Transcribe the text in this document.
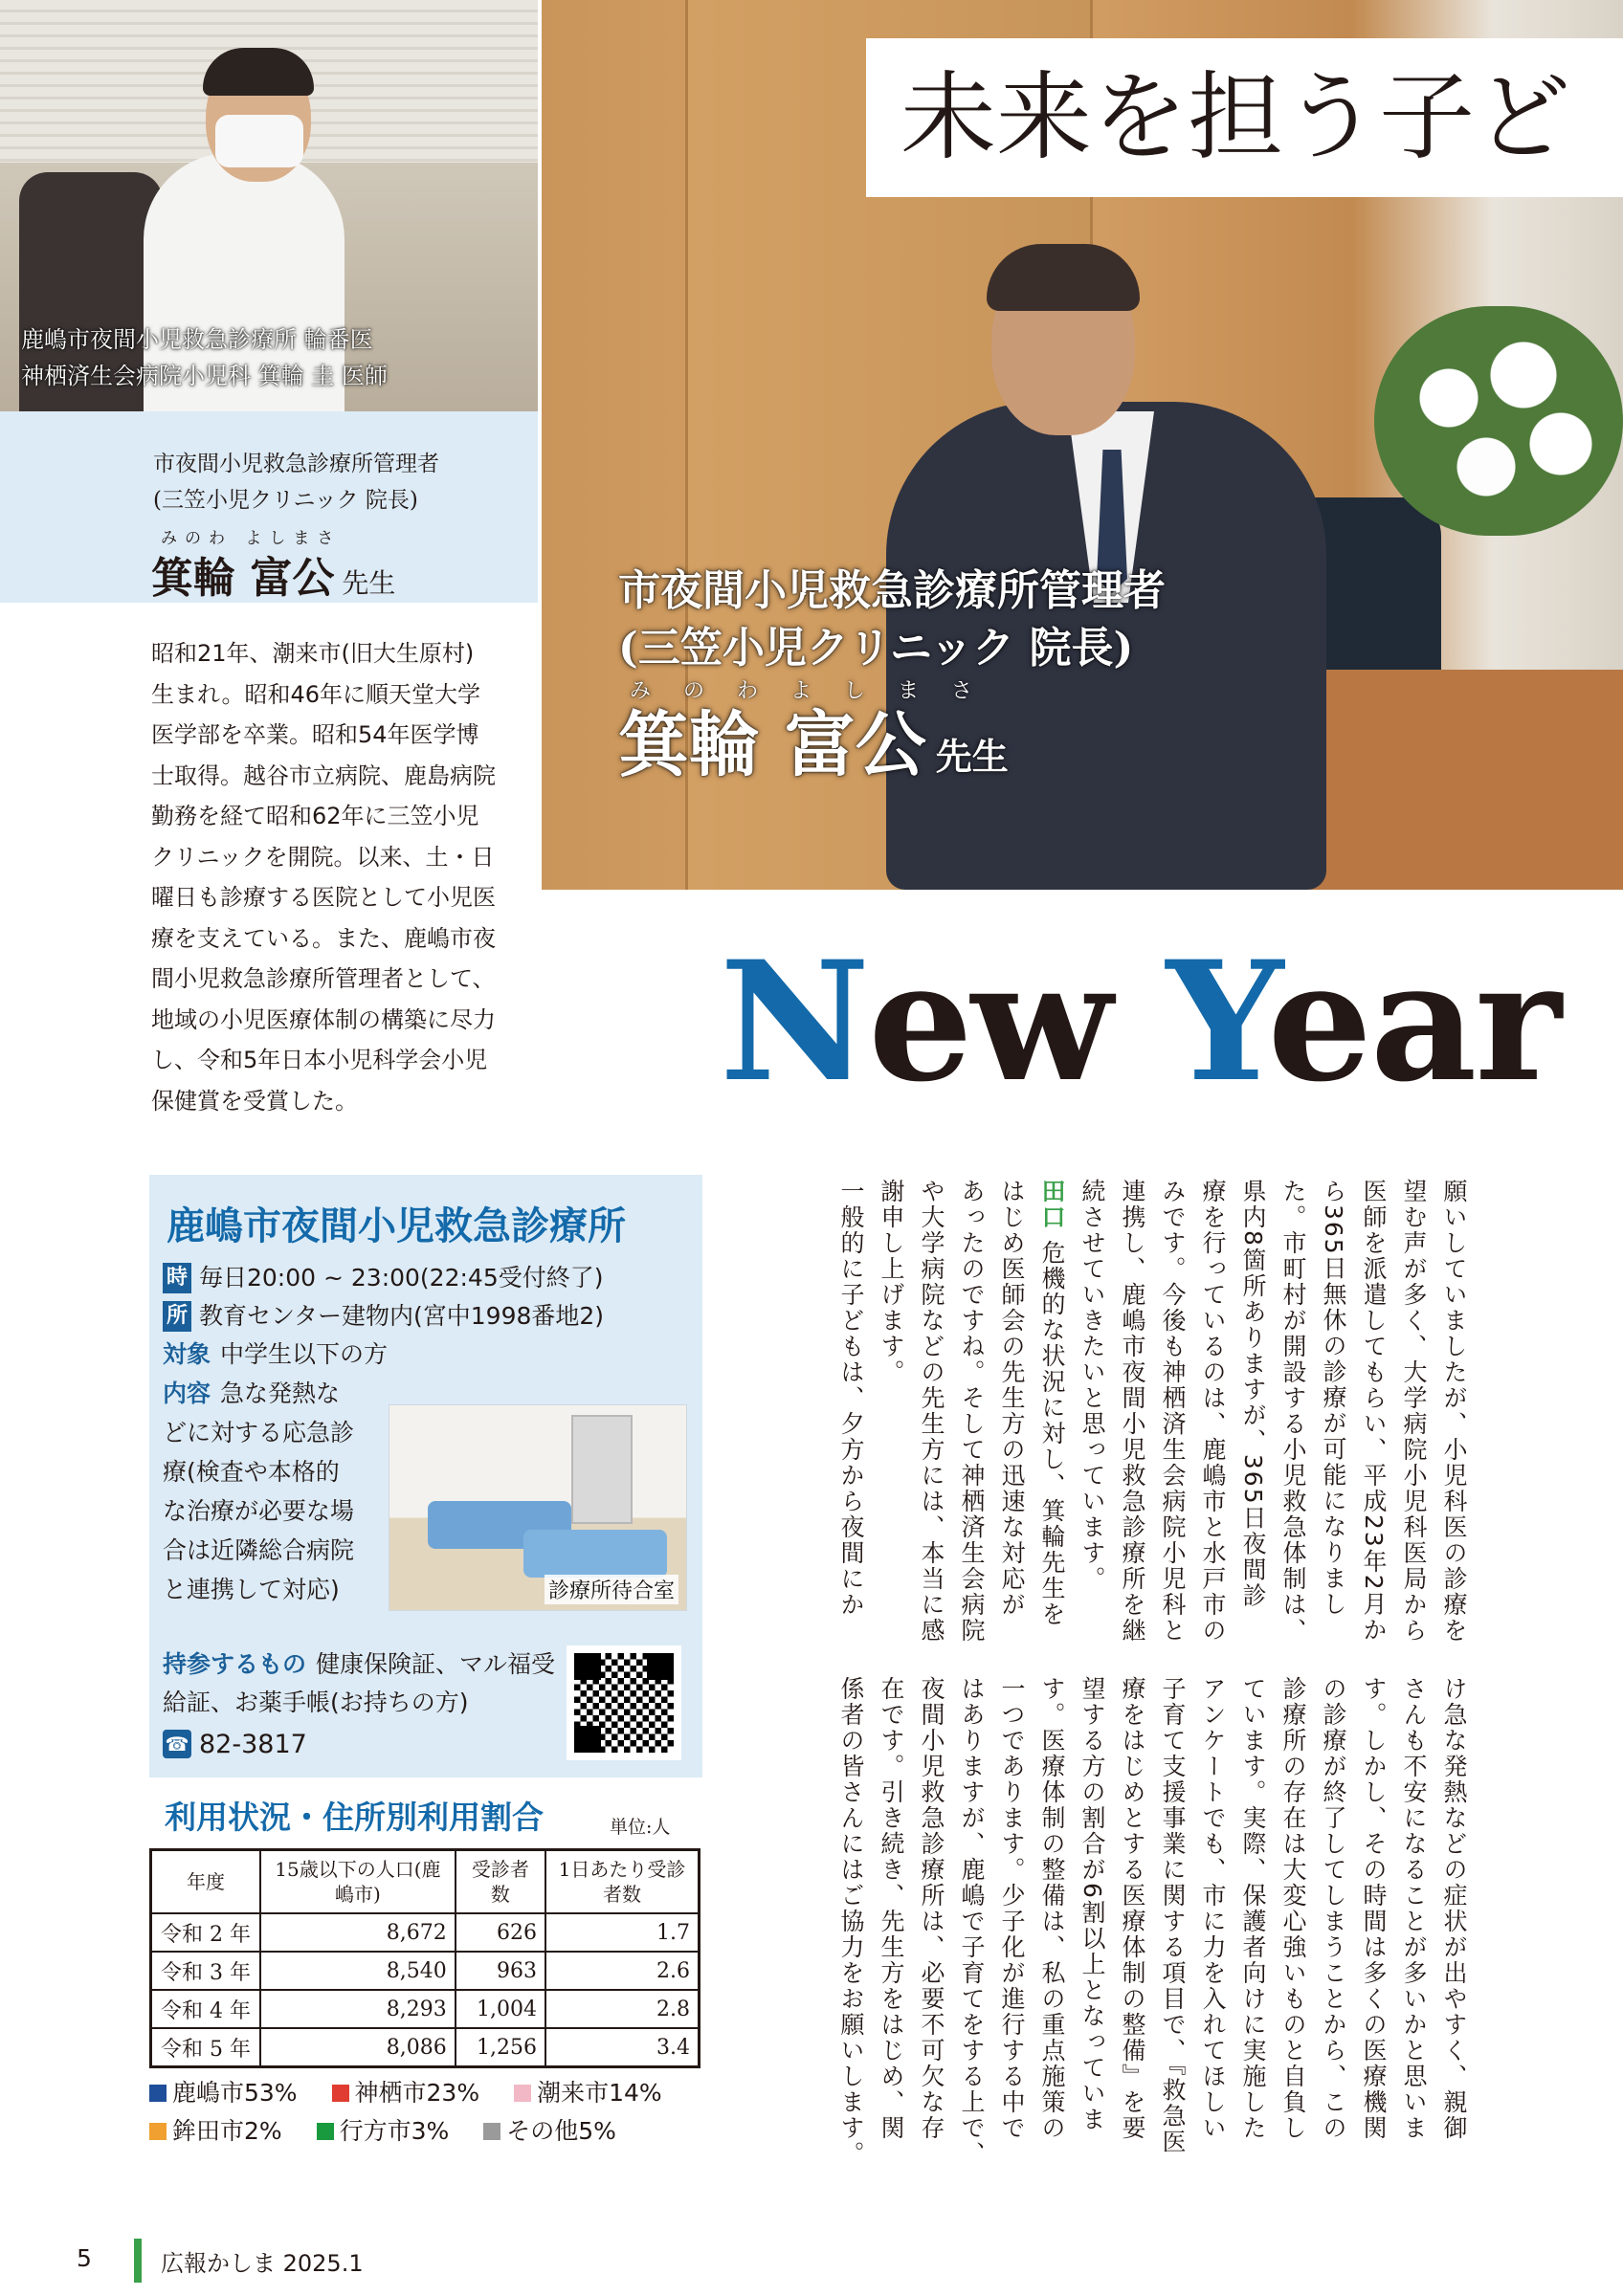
鹿嶋市夜間小児救急診療所 輪番医
神栖済生会病院小児科 箕輪 圭 医師
市夜間小児救急診療所管理者
(三笠小児クリニック 院長)
みのわよしまさ
箕輪 富公 先生
未来を担う子ど
市夜間小児救急診療所管理者
(三笠小児クリニック 院長)
みのわ よしまさ
箕輪 富公 先生
昭和21年、潮来市(旧大生原村)生まれ。昭和46年に順天堂大学医学部を卒業。昭和54年医学博士取得。越谷市立病院、鹿島病院勤務を経て昭和62年に三笠小児クリニックを開院。以来、土・日曜日も診療する医院として小児医療を支えている。また、鹿嶋市夜間小児救急診療所管理者として、地域の小児医療体制の構築に尽力し、令和5年日本小児科学会小児保健賞を受賞した。	New Year
願いしていましたが、小児科医の診療を
望む声が多く、大学病院小児科医局から
医師を派遣してもらい、平成23年2月か
ら365日無休の診療が可能になりまし
た。市町村が開設する小児救急体制は、
県内8箇所ありますが、365日夜間診
療を行っているのは、鹿嶋市と水戸市の
みです。今後も神栖済生会病院小児科と
連携し、鹿嶋市夜間小児救急診療所を継
続させていきたいと思っています。
田口 危機的な状況に対し、箕輪先生を
はじめ医師会の先生方の迅速な対応が
あったのですね。そして神栖済生会病院
や大学病院などの先生方には、本当に感
謝申し上げます。
一般的に子どもは、夕方から夜間にか
け急な発熱などの症状が出やすく、親御
さんも不安になることが多いかと思いま
す。しかし、その時間は多くの医療機関
の診療が終了してしまうことから、この
診療所の存在は大変心強いものと自負し
ています。実際、保護者向けに実施した
アンケートでも、市に力を入れてほしい
子育て支援事業に関する項目で、『救急医
療をはじめとする医療体制の整備』を要
望する方の割合が6割以上となっていま
す。医療体制の整備は、私の重点施策の
一つであります。少子化が進行する中で
はありますが、鹿嶋で子育てをする上で、
夜間小児救急診療所は、必要不可欠な存
在です。引き続き、先生方をはじめ、関
係者の皆さんにはご協力をお願いします。
鹿嶋市夜間小児救急診療所
時 毎日20:00 ~ 23:00(22:45受付終了)
所 教育センター建物内(宮中1998番地2)
対象 中学生以下の方
内容 急な発熱などに対する応急診療(検査や本格的な治療が必要な場合は近隣総合病院と連携して対応)	診療所待合室
持参するもの 健康保険証、マル福受給証、お薬手帳(お持ちの方)
☎ 82-3817
利用状況・住所別利用割合	単位:人
年度	15歳以下の人口(鹿嶋市)	受診者数	1日あたり受診者数
令和 2 年	8,672	626	1.7
令和 3 年	8,540	963	2.6
令和 4 年	8,293	1,004	2.8
令和 5 年	8,086	1,256	3.4
鹿嶋市53% 神栖市23% 潮来市14%
鉾田市2% 行方市3% その他5%
5	広報かしま 2025.1
